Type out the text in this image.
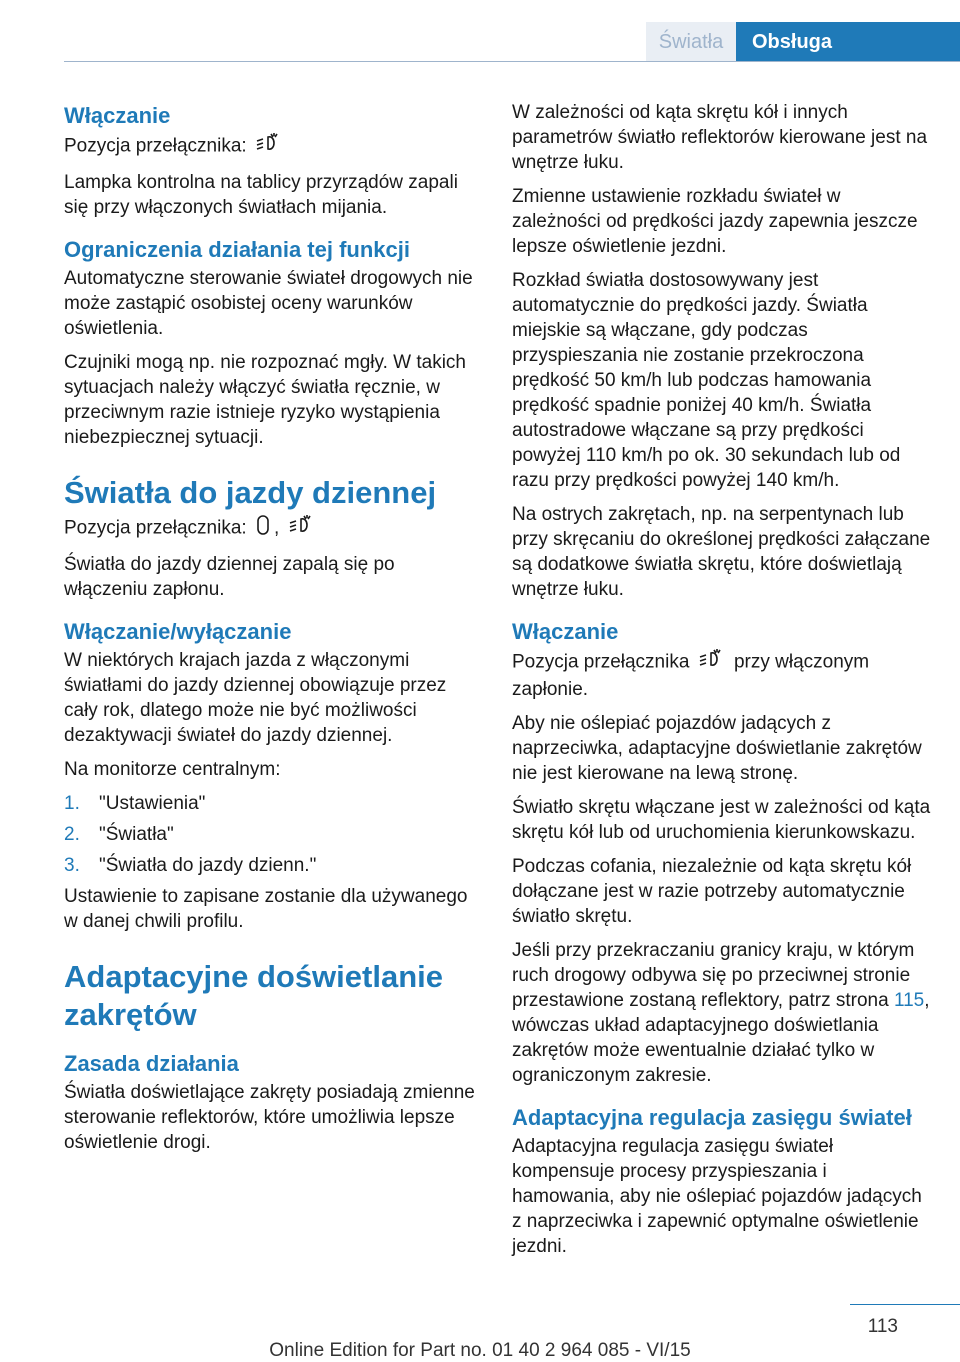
Światła	Obsługa
Włączanie

Pozycja przełącznika:

Lampka kontrolna na tablicy przyrządów zapali się przy włączonych światłach mijania.

Ograniczenia działania tej funkcji

Automatyczne sterowanie świateł drogowych nie może zastąpić osobistej oceny warunków oświetlenia.

Czujniki mogą np. nie rozpoznać mgły. W takich sytuacjach należy włączyć światła ręcznie, w przeciwnym razie istnieje ryzyko wystąpienia niebezpiecznej sytuacji.

Światła do jazdy dziennej

Pozycja przełącznika: ,

Światła do jazdy dziennej zapalą się po włączeniu zapłonu.

Włączanie/wyłączanie

W niektórych krajach jazda z włączonymi światłami do jazdy dziennej obowiązuje przez cały rok, dlatego może nie być możliwości dezaktywacji świateł do jazdy dziennej.

Na monitorze centralnym:

1.	"Ustawienia"
2.	"Światła"
3.	"Światła do jazdy dzienn."

Ustawienie to zapisane zostanie dla używanego w danej chwili profilu.

Adaptacyjne doświetlanie zakrętów
Zasada działania

Światła doświetlające zakręty posiadają zmienne sterowanie reflektorów, które umożliwia lepsze oświetlenie drogi.

W zależności od kąta skrętu kół i innych parametrów światło reflektorów kierowane jest na wnętrze łuku.

Zmienne ustawienie rozkładu świateł w zależności od prędkości jazdy zapewnia jeszcze lepsze oświetlenie jezdni.

Rozkład światła dostosowywany jest automatycznie do prędkości jazdy. Światła miejskie są włączane, gdy podczas przyspieszania nie zostanie przekroczona prędkość 50 km/h lub podczas hamowania prędkość spadnie poniżej 40 km/h. Światła autostradowe włączane są przy prędkości powyżej 110 km/h po ok. 30 sekundach lub od razu przy prędkości powyżej 140 km/h.

Na ostrych zakrętach, np. na serpentynach lub przy skręcaniu do określonej prędkości załączane są dodatkowe światła skrętu, które doświetlają wnętrze łuku.

Włączanie

Pozycja przełącznika przy włączonym zapłonie.

Aby nie oślepiać pojazdów jadących z naprzeciwka, adaptacyjne doświetlanie zakrętów nie jest kierowane na lewą stronę.

Światło skrętu włączane jest w zależności od kąta skrętu kół lub od uruchomienia kierunkowskazu.

Podczas cofania, niezależnie od kąta skrętu kół dołączane jest w razie potrzeby automatycznie światło skrętu.

Jeśli przy przekraczaniu granicy kraju, w którym ruch drogowy odbywa się po przeciwnej stronie przestawione zostaną reflektory, patrz strona 115, wówczas układ adaptacyjnego doświetlania zakrętów może ewentualnie działać tylko w ograniczonym zakresie.

Adaptacyjna regulacja zasięgu świateł

Adaptacyjna regulacja zasięgu świateł kompensuje procesy przyspieszania i hamowania, aby nie oślepiać pojazdów jadących z naprzeciwka i zapewnić optymalne oświetlenie jezdni.

113
Online Edition for Part no. 01 40 2 964 085 - VI/15
